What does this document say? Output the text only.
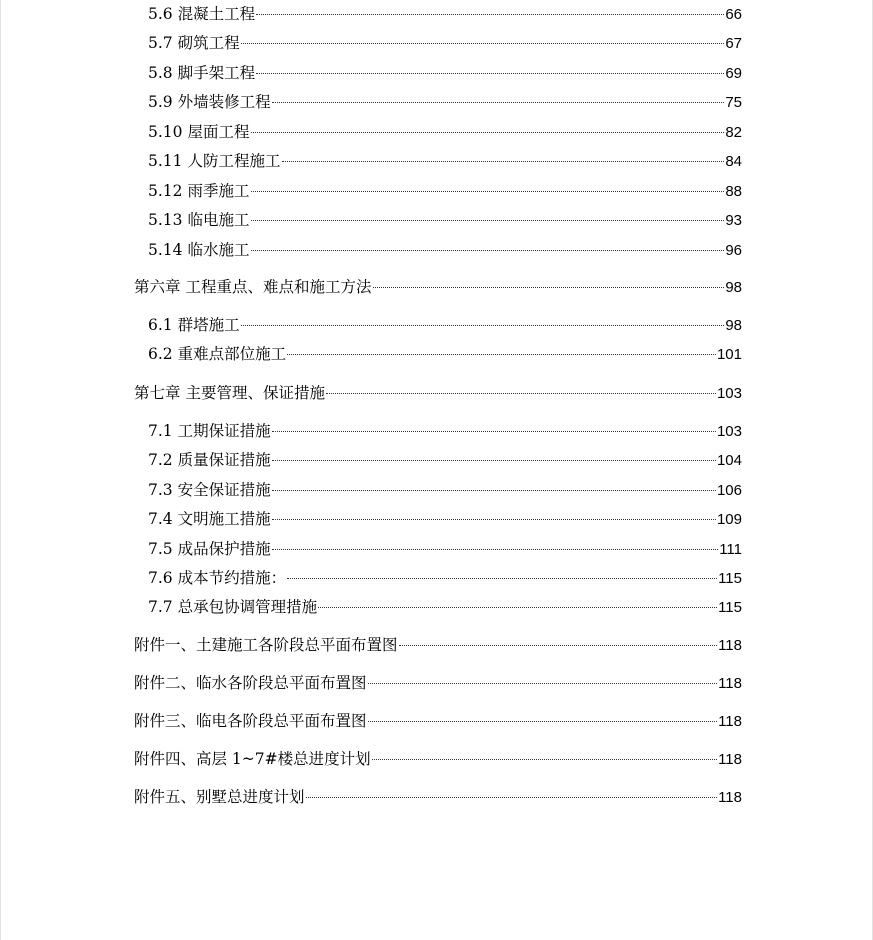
5.6 混凝土工程	66
5.7 砌筑工程	67
5.8 脚手架工程	69
5.9 外墙装修工程	75
5.10 屋面工程	82
5.11 人防工程施工	84
5.12 雨季施工	88
5.13 临电施工	93
5.14 临水施工	96
第六章 工程重点、难点和施工方法	98
6.1 群塔施工	98
6.2 重难点部位施工	101
第七章 主要管理、保证措施	103
7.1 工期保证措施	103
7.2 质量保证措施	104
7.3 安全保证措施	106
7.4 文明施工措施	109
7.5 成品保护措施	111
7.6 成本节约措施：	115
7.7 总承包协调管理措施	115
附件一、土建施工各阶段总平面布置图	118
附件二、临水各阶段总平面布置图	118
附件三、临电各阶段总平面布置图	118
附件四、高层 1~7#楼总进度计划	118
附件五、别墅总进度计划	118
